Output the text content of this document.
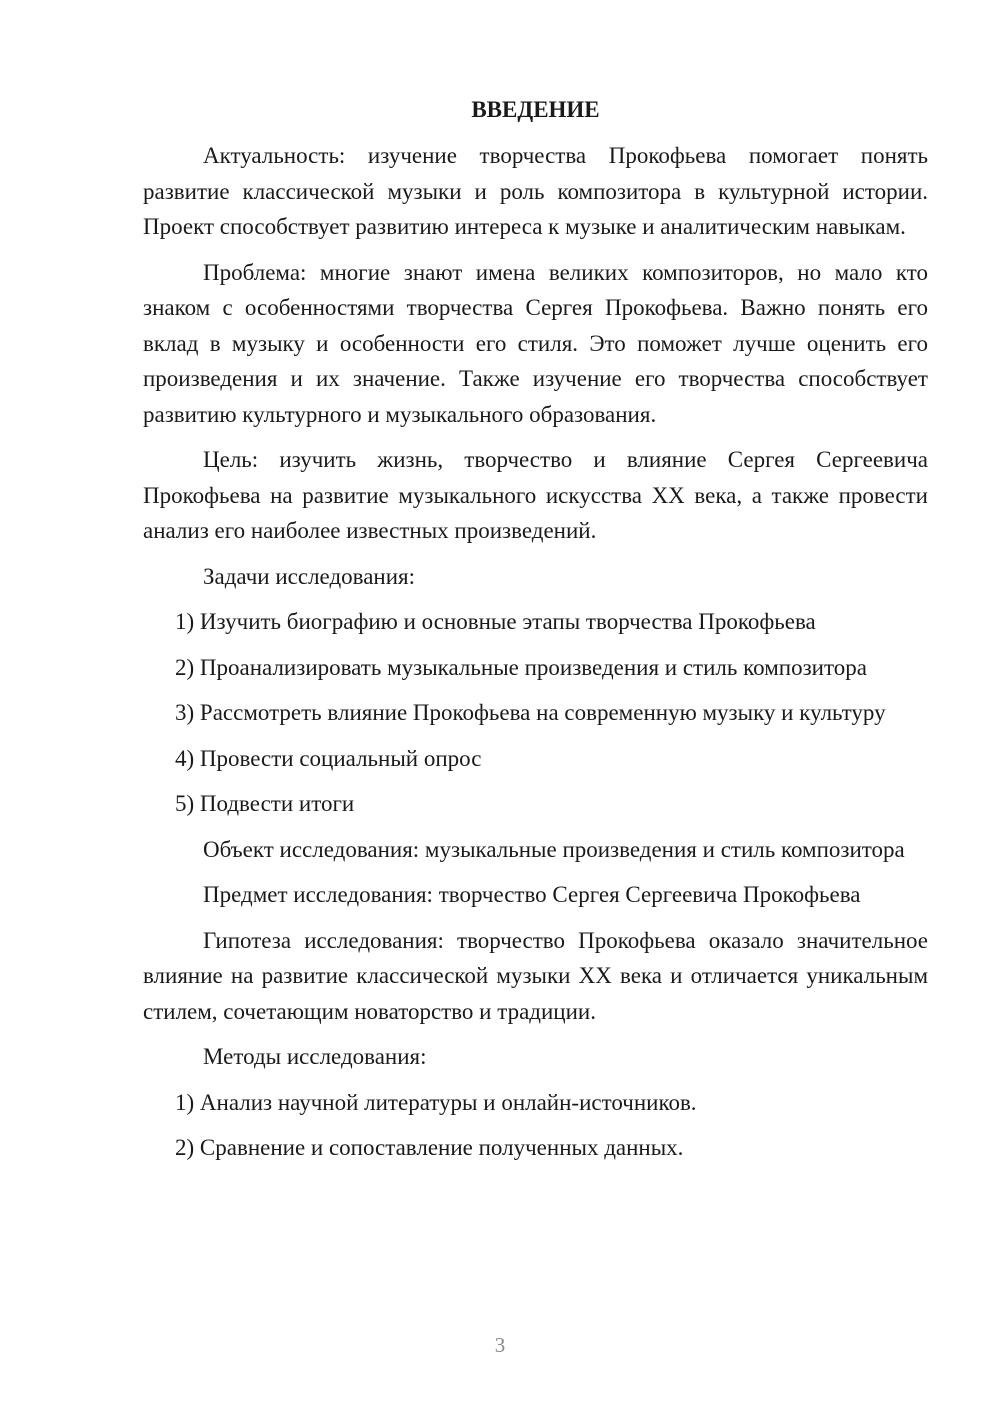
ВВЕДЕНИЕ

Актуальность: изучение творчества Прокофьева помогает понять развитие классической музыки и роль композитора в культурной истории. Проект способствует развитию интереса к музыке и аналитическим навыкам.

Проблема: многие знают имена великих композиторов, но мало кто знаком с особенностями творчества Сергея Прокофьева. Важно понять его вклад в музыку и особенности его стиля. Это поможет лучше оценить его произведения и их значение. Также изучение его творчества способствует развитию культурного и музыкального образования.

Цель: изучить жизнь, творчество и влияние Сергея Сергеевича Прокофьева на развитие музыкального искусства XX века, а также провести анализ его наиболее известных произведений.

Задачи исследования:

1) Изучить биографию и основные этапы творчества Прокофьева

2) Проанализировать музыкальные произведения и стиль композитора

3) Рассмотреть влияние Прокофьева на современную музыку и культуру

4) Провести социальный опрос

5) Подвести итоги

Объект исследования: музыкальные произведения и стиль композитора

Предмет исследования: творчество Сергея Сергеевича Прокофьева

Гипотеза исследования: творчество Прокофьева оказало значительное влияние на развитие классической музыки XX века и отличается уникальным стилем, сочетающим новаторство и традиции.

Методы исследования:

1) Анализ научной литературы и онлайн-источников.

2) Сравнение и сопоставление полученных данных.

3
